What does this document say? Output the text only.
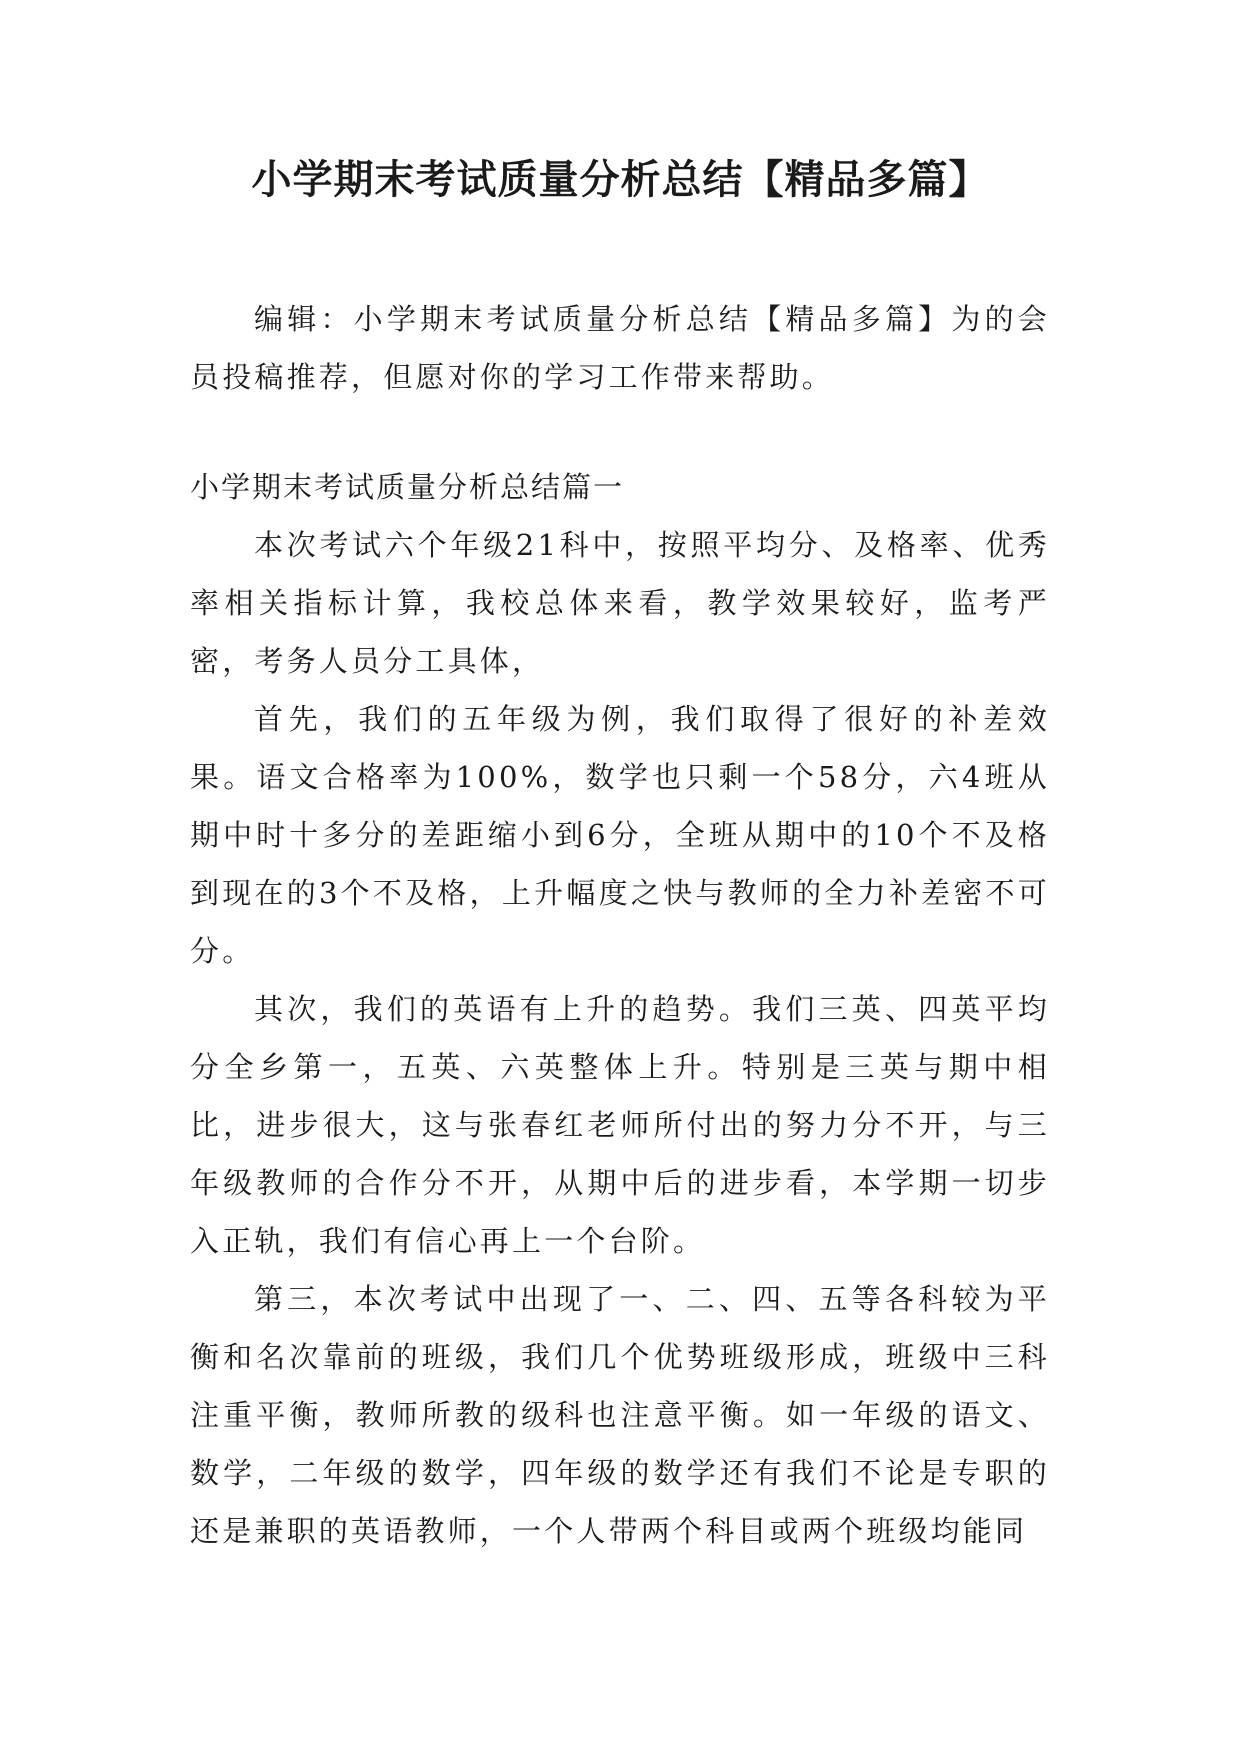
小学期末考试质量分析总结【精品多篇】

编辑：小学期末考试质量分析总结【精品多篇】为的会员投稿推荐，但愿对你的学习工作带来帮助。

小学期末考试质量分析总结篇一

本次考试六个年级21科中，按照平均分、及格率、优秀率相关指标计算，我校总体来看，教学效果较好，监考严密，考务人员分工具体，

首先，我们的五年级为例，我们取得了很好的补差效果。语文合格率为100%，数学也只剩一个58分，六4班从期中时十多分的差距缩小到6分，全班从期中的10个不及格到现在的3个不及格，上升幅度之快与教师的全力补差密不可分。

其次，我们的英语有上升的趋势。我们三英、四英平均分全乡第一，五英、六英整体上升。特别是三英与期中相比，进步很大，这与张春红老师所付出的努力分不开，与三年级教师的合作分不开，从期中后的进步看，本学期一切步入正轨，我们有信心再上一个台阶。

第三，本次考试中出现了一、二、四、五等各科较为平衡和名次靠前的班级，我们几个优势班级形成，班级中三科注重平衡，教师所教的级科也注意平衡。如一年级的语文、数学，二年级的数学，四年级的数学还有我们不论是专职的还是兼职的英语教师，一个人带两个科目或两个班级均能同
